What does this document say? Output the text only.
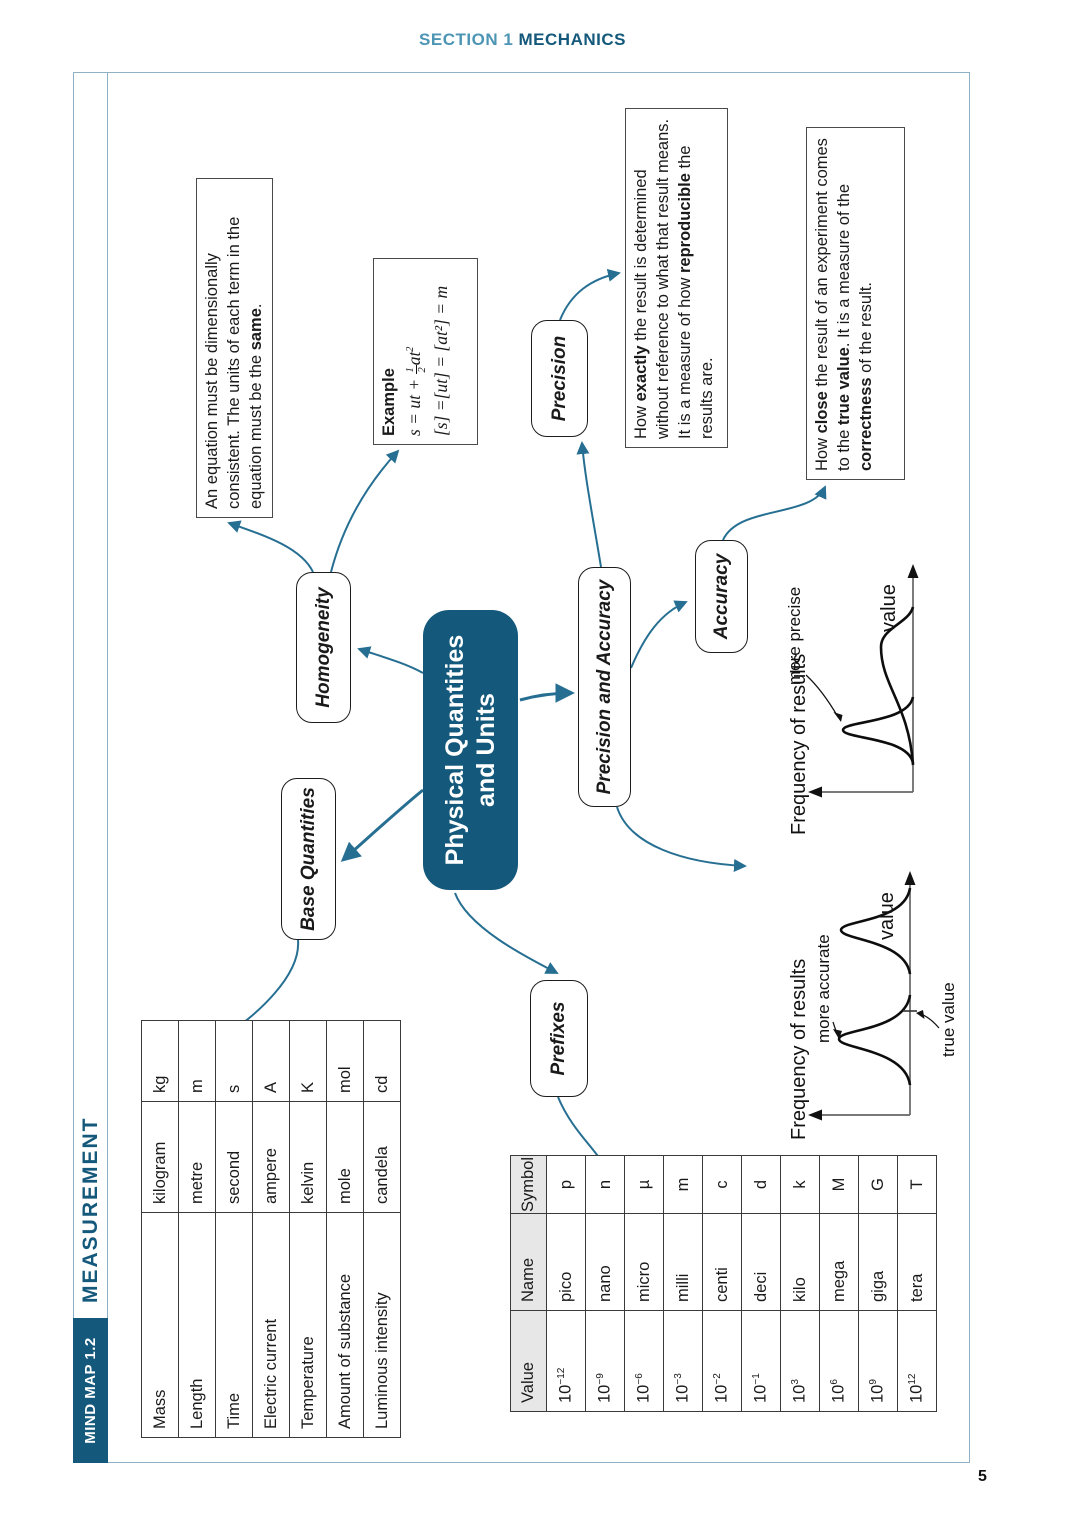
SECTION 1 MECHANICS
MIND MAP 1.2
MEASUREMENT
Physical Quantities and Units
Homogeneity
Base Quantities
Precision and Accuracy
Precision
Accuracy
Prefixes
An equation must be dimensionally consistent. The units of each term in the equation must be the same.
Example s = ut +
1 2
$at^2$ [s] =[ut] = [at²] = m	How exactly the result is determined without reference to what that result means. It is a measure of how reproducible the results are.
How close the result of an experiment comes to the true value. It is a measure of the correctness of the result.
Mass	kilogram	kg
Length	metre	m
Time	second	s
Electric current	ampere	A
Temperature	kelvin	K
Amount of substance	mole	mol
Luminous intensity	candela	cd
Value	Name	Symbol
$10^{-12}$	pico	p
$10^{-9}$	nano	n
$10^{-6}$	micro	µ
$10^{-3}$	milli	m
$10^{-2}$	centi	c
$10^{-1}$	deci	d
$10^3$	kilo	k
$10^6$	mega	M
$10^9$	giga	G
$10^{12}$	tera	T
Frequency of results
more precise	value
Frequency of results more accurate	true value
value
5
